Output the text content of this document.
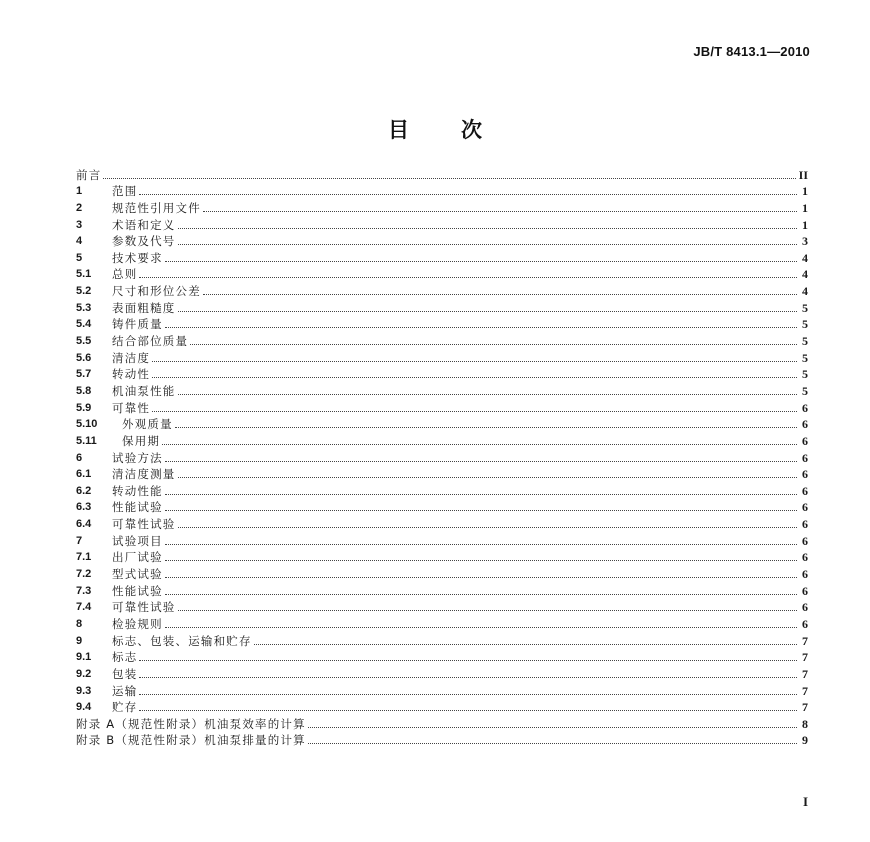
JB/T 8413.1—2010
目次
前言	II
1	范围	1
2	规范性引用文件	1
3	术语和定义	1
4	参数及代号	3
5	技术要求	4
5.1	总则	4
5.2	尺寸和形位公差	4
5.3	表面粗糙度	5
5.4	铸件质量	5
5.5	结合部位质量	5
5.6	清洁度	5
5.7	转动性	5
5.8	机油泵性能	5
5.9	可靠性	6
5.10	外观质量	6
5.11	保用期	6
6	试验方法	6
6.1	清洁度测量	6
6.2	转动性能	6
6.3	性能试验	6
6.4	可靠性试验	6
7	试验项目	6
7.1	出厂试验	6
7.2	型式试验	6
7.3	性能试验	6
7.4	可靠性试验	6
8	检验规则	6
9	标志、包装、运输和贮存	7
9.1	标志	7
9.2	包装	7
9.3	运输	7
9.4	贮存	7
附录 A（规范性附录）机油泵效率的计算	8
附录 B（规范性附录）机油泵排量的计算	9
I
